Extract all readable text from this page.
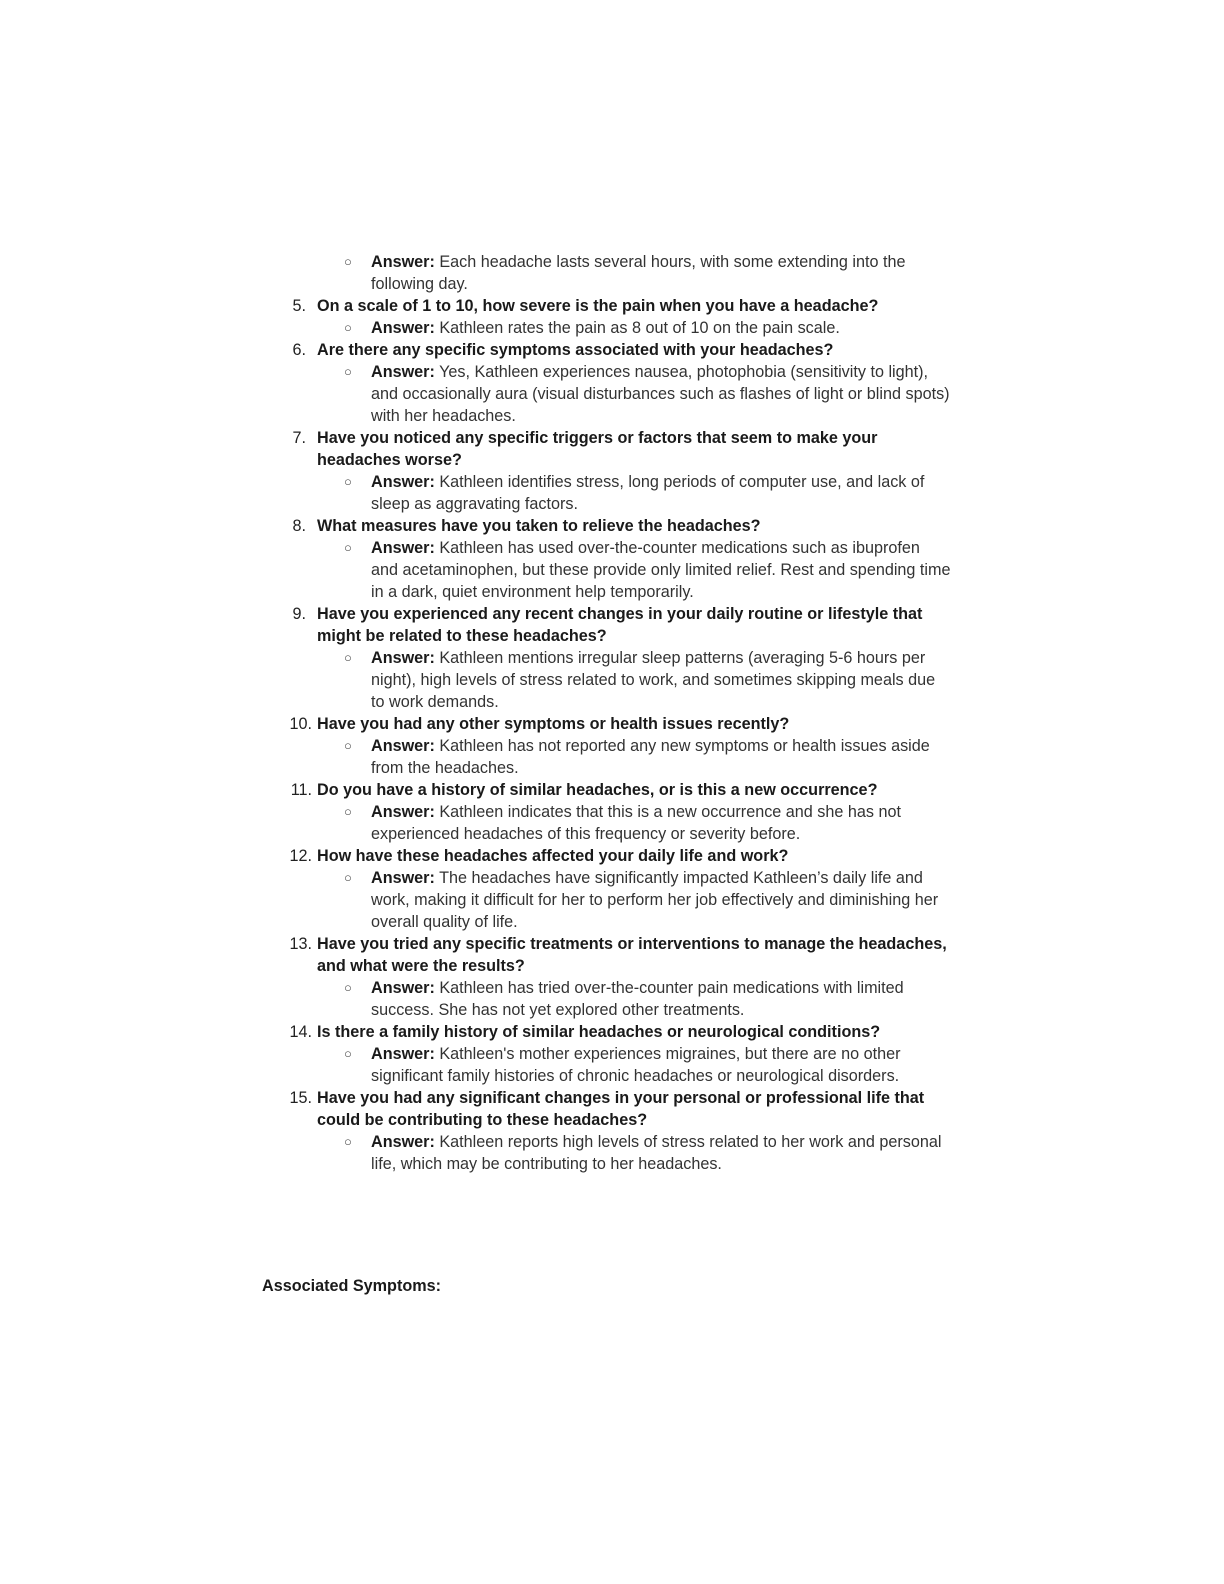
○ Answer: Each headache lasts several hours, with some extending into the following day.
5. On a scale of 1 to 10, how severe is the pain when you have a headache?
○ Answer: Kathleen rates the pain as 8 out of 10 on the pain scale.
6. Are there any specific symptoms associated with your headaches?
○ Answer: Yes, Kathleen experiences nausea, photophobia (sensitivity to light), and occasionally aura (visual disturbances such as flashes of light or blind spots) with her headaches.
7. Have you noticed any specific triggers or factors that seem to make your headaches worse?
○ Answer: Kathleen identifies stress, long periods of computer use, and lack of sleep as aggravating factors.
8. What measures have you taken to relieve the headaches?
○ Answer: Kathleen has used over-the-counter medications such as ibuprofen and acetaminophen, but these provide only limited relief. Rest and spending time in a dark, quiet environment help temporarily.
9. Have you experienced any recent changes in your daily routine or lifestyle that might be related to these headaches?
○ Answer: Kathleen mentions irregular sleep patterns (averaging 5-6 hours per night), high levels of stress related to work, and sometimes skipping meals due to work demands.
10. Have you had any other symptoms or health issues recently?
○ Answer: Kathleen has not reported any new symptoms or health issues aside from the headaches.
11. Do you have a history of similar headaches, or is this a new occurrence?
○ Answer: Kathleen indicates that this is a new occurrence and she has not experienced headaches of this frequency or severity before.
12. How have these headaches affected your daily life and work?
○ Answer: The headaches have significantly impacted Kathleen’s daily life and work, making it difficult for her to perform her job effectively and diminishing her overall quality of life.
13. Have you tried any specific treatments or interventions to manage the headaches, and what were the results?
○ Answer: Kathleen has tried over-the-counter pain medications with limited success. She has not yet explored other treatments.
14. Is there a family history of similar headaches or neurological conditions?
○ Answer: Kathleen's mother experiences migraines, but there are no other significant family histories of chronic headaches or neurological disorders.
15. Have you had any significant changes in your personal or professional life that could be contributing to these headaches?
○ Answer: Kathleen reports high levels of stress related to her work and personal life, which may be contributing to her headaches.
Associated Symptoms:
